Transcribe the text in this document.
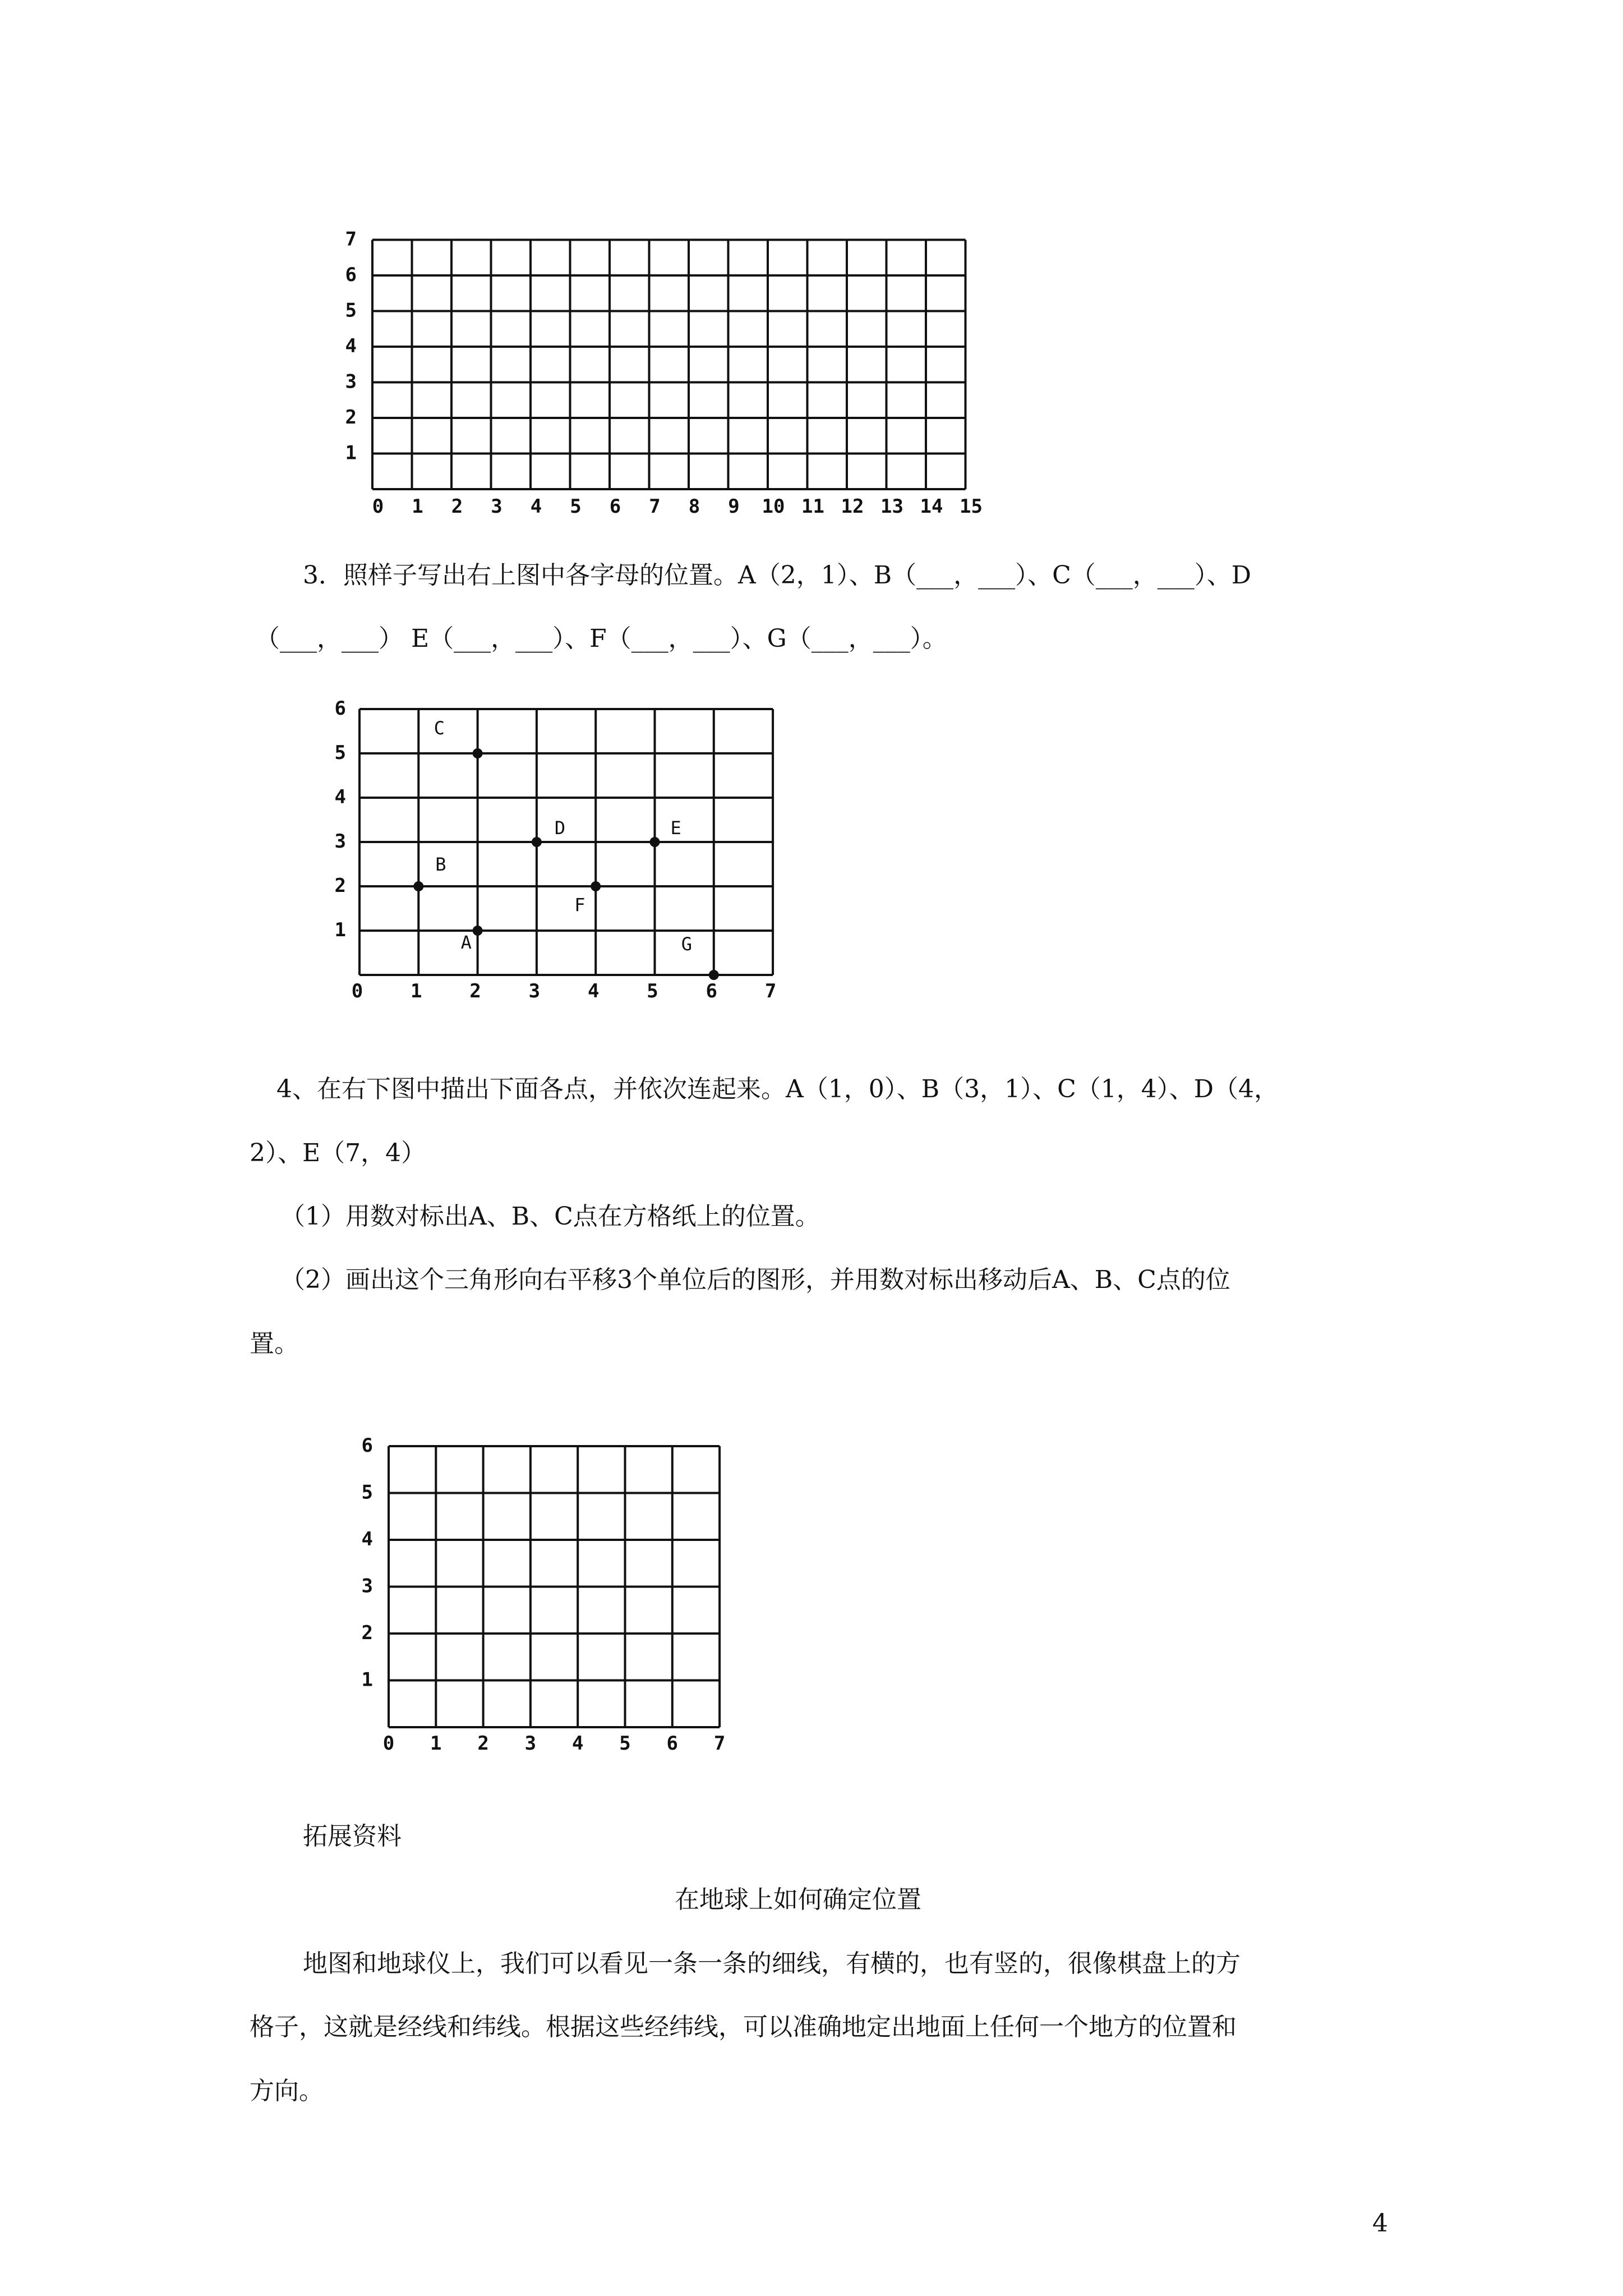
0 1 2 3 4 5 6 7 8 9 10 11 12 13 14 15
1
2
3
4
5
6
7
0 1 2 3 4 5 6 7
1
2
3
4
5
6
A
B
C
D	E
F
G
0 1 2 3 4 5 6 7
1
2
3
4
5
6
3．照样子写出右上图中各字母的位置。A（2，1）、B（___，___）、C（___，___）、D
（___，___） E（___，___）、F（___，___）、G（___，___）。
4、在右下图中描出下面各点，并依次连起来。A（1，0）、B（3，1）、C（1，4）、D（4，
2）、E（7，4）
（1）用数对标出A、B、C点在方格纸上的位置。
（2）画出这个三角形向右平移3个单位后的图形，并用数对标出移动后A、B、C点的位
置。
拓展资料
在地球上如何确定位置
地图和地球仪上，我们可以看见一条一条的细线，有横的，也有竖的，很像棋盘上的方
格子，这就是经线和纬线。根据这些经纬线，可以准确地定出地面上任何一个地方的位置和
方向。
4
